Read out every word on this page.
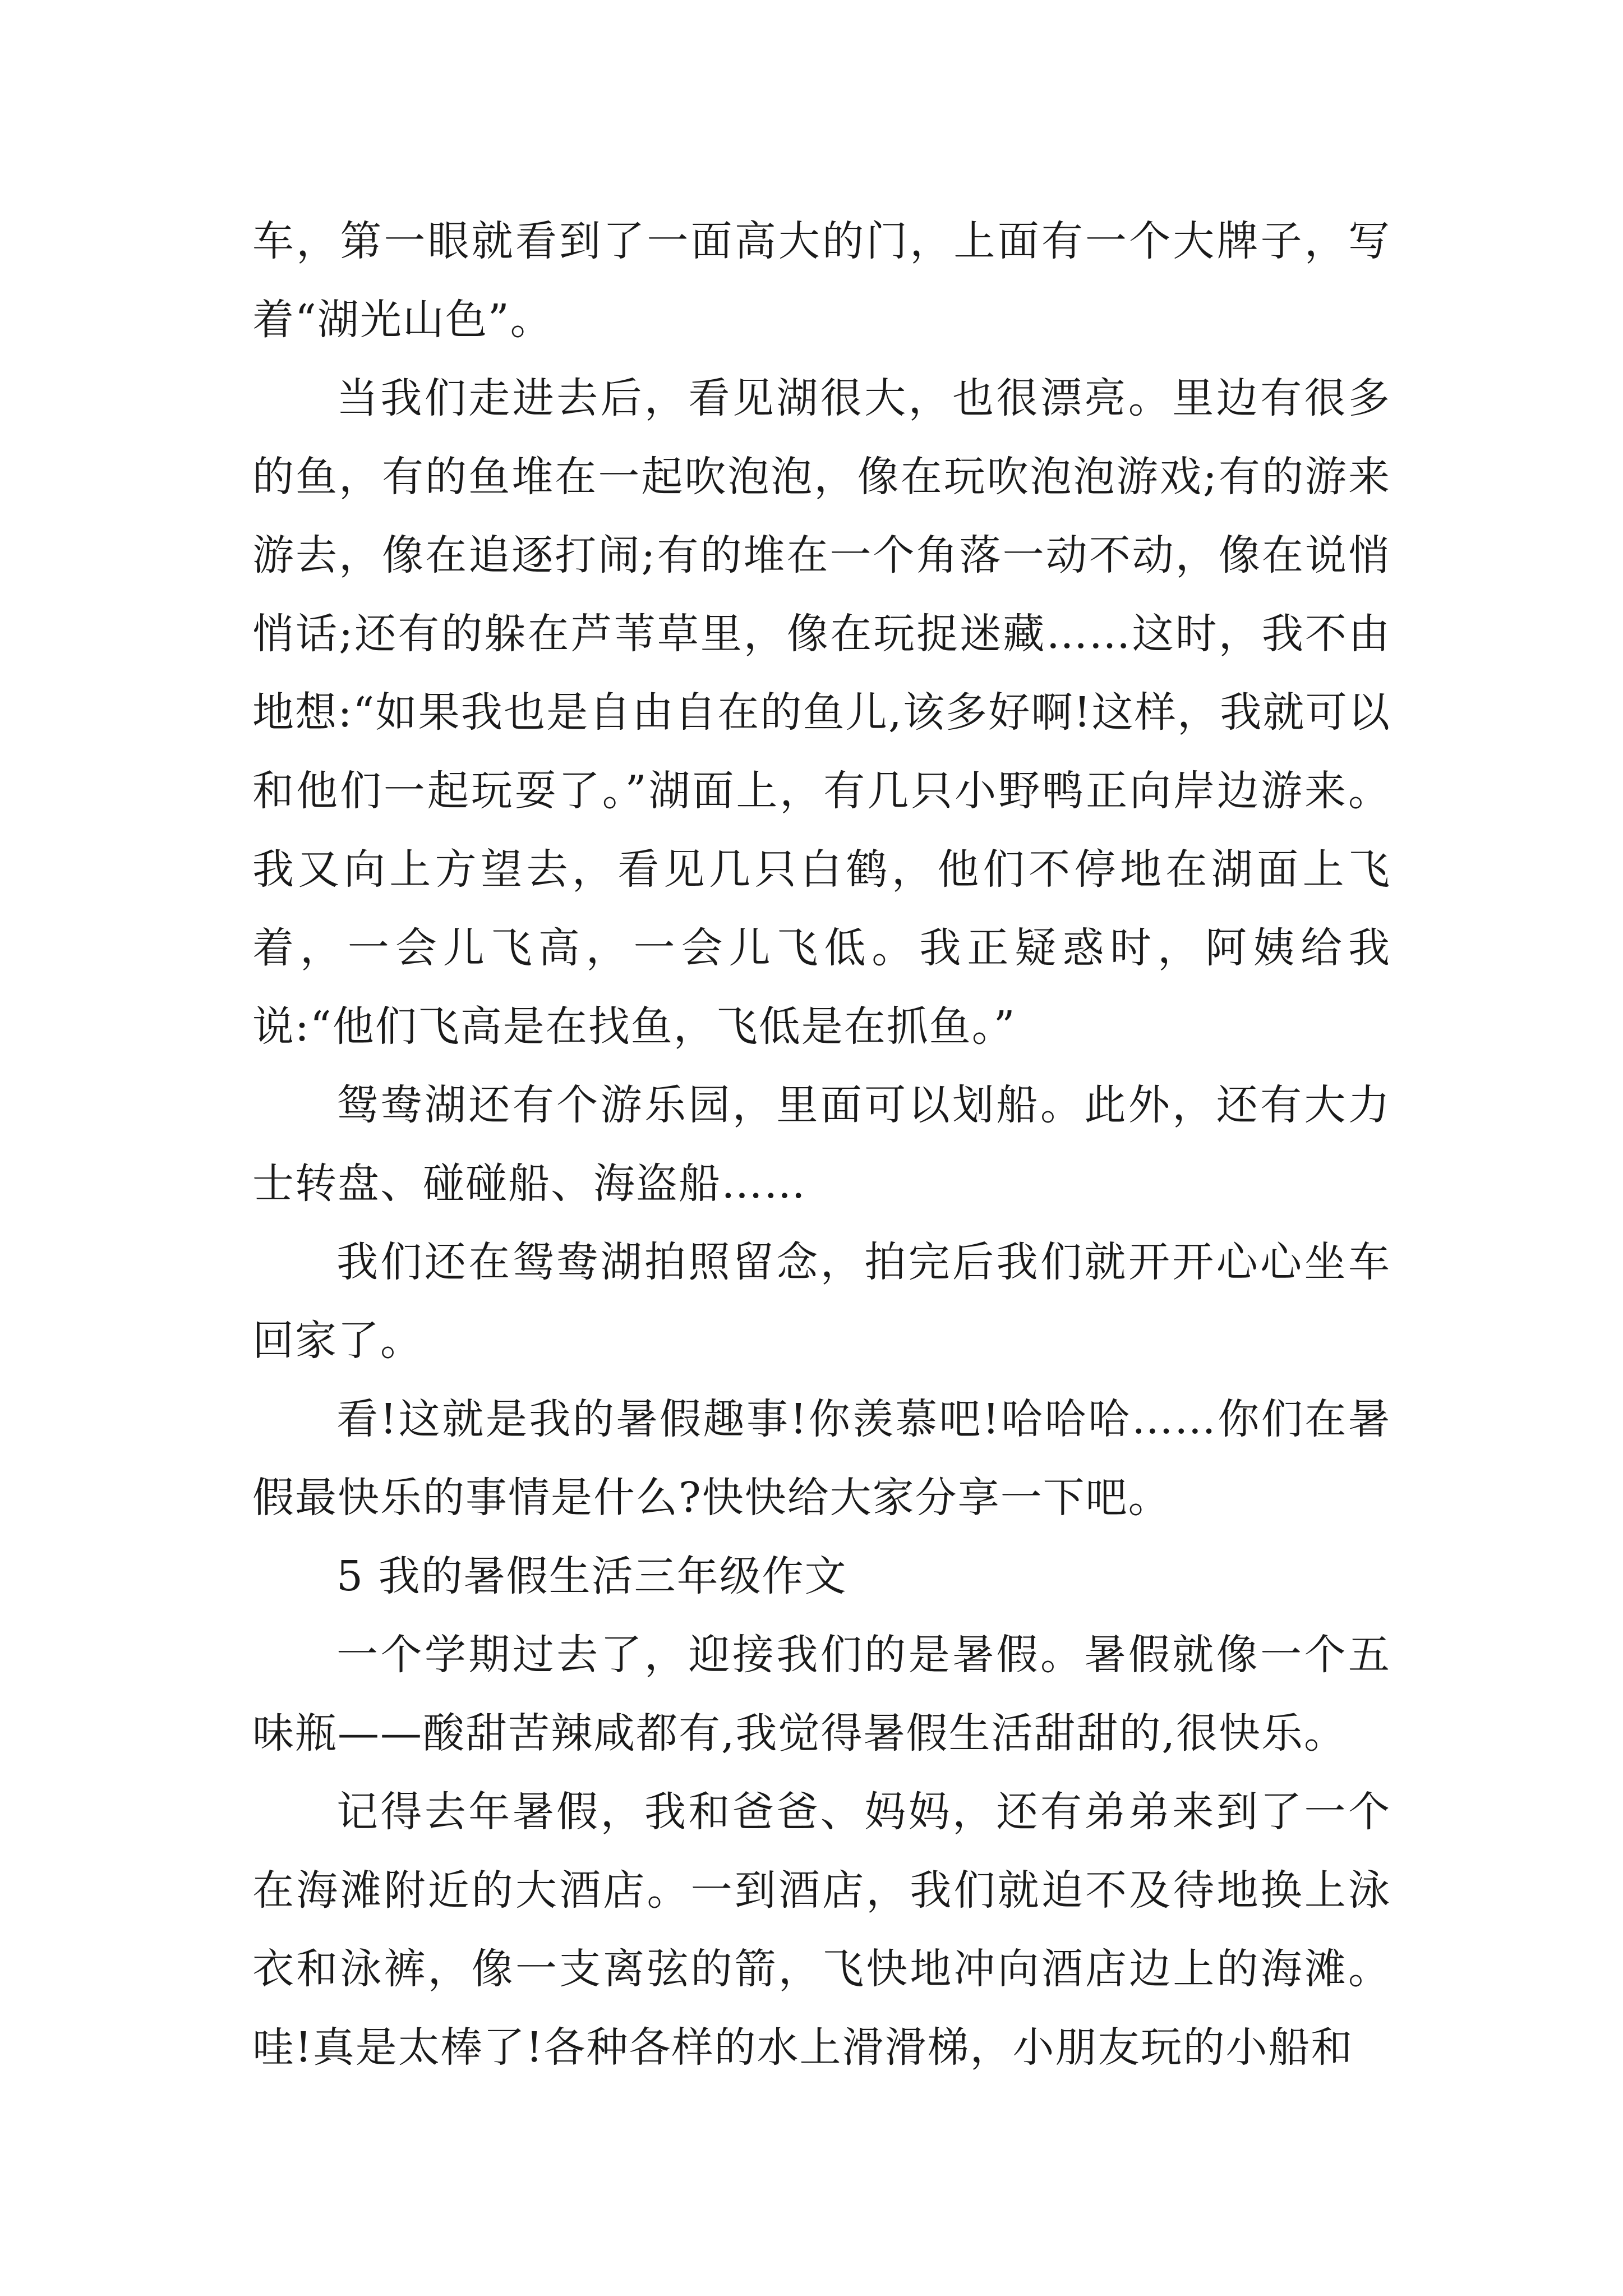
车，第一眼就看到了一面高大的门，上面有一个大牌子，写着“湖光山色”。

当我们走进去后，看见湖很大，也很漂亮。里边有很多的鱼，有的鱼堆在一起吹泡泡，像在玩吹泡泡游戏;有的游来游去，像在追逐打闹;有的堆在一个角落一动不动，像在说悄悄话;还有的躲在芦苇草里，像在玩捉迷藏……这时，我不由地想:“如果我也是自由自在的鱼儿,该多好啊!这样，我就可以和他们一起玩耍了。”湖面上，有几只小野鸭正向岸边游来。我又向上方望去，看见几只白鹤，他们不停地在湖面上飞着，一会儿飞高，一会儿飞低。我正疑惑时，阿姨给我说:“他们飞高是在找鱼，飞低是在抓鱼。”

鸳鸯湖还有个游乐园，里面可以划船。此外，还有大力士转盘、碰碰船、海盗船……

我们还在鸳鸯湖拍照留念，拍完后我们就开开心心坐车回家了。

看!这就是我的暑假趣事!你羡慕吧!哈哈哈……你们在暑假最快乐的事情是什么?快快给大家分享一下吧。

5 我的暑假生活三年级作文

一个学期过去了，迎接我们的是暑假。暑假就像一个五味瓶——酸甜苦辣咸都有,我觉得暑假生活甜甜的,很快乐。

记得去年暑假，我和爸爸、妈妈，还有弟弟来到了一个在海滩附近的大酒店。一到酒店，我们就迫不及待地换上泳衣和泳裤，像一支离弦的箭，飞快地冲向酒店边上的海滩。哇!真是太棒了!各种各样的水上滑滑梯，小朋友玩的小船和
